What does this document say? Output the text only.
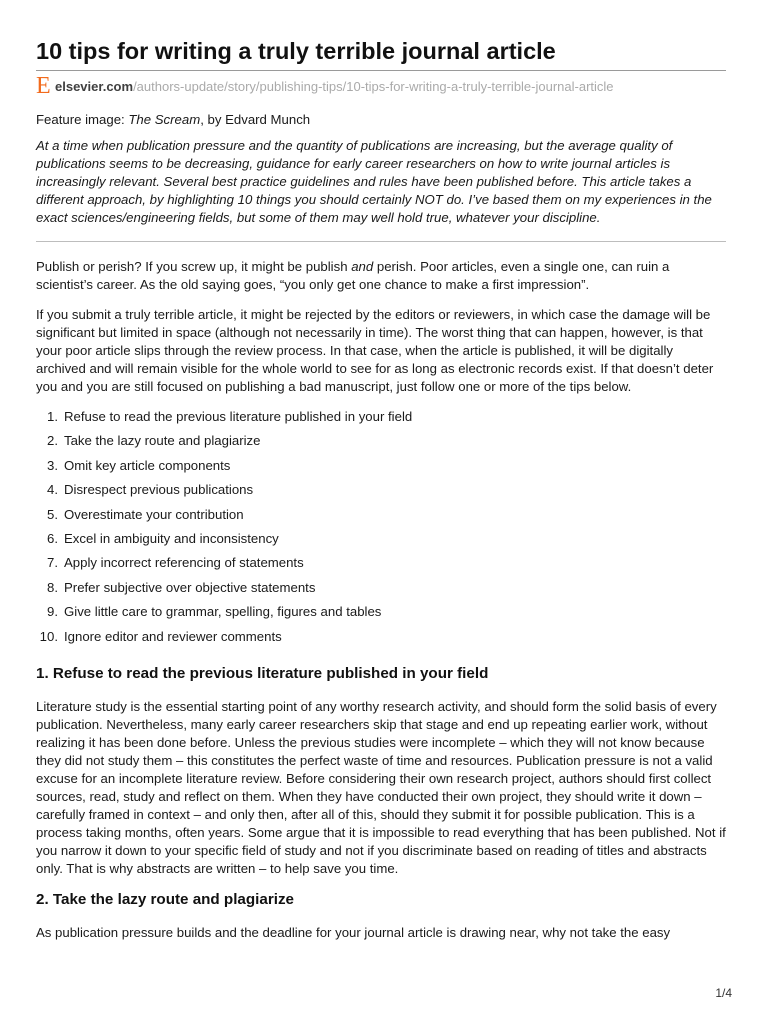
10 tips for writing a truly terrible journal article
E elsevier.com/authors-update/story/publishing-tips/10-tips-for-writing-a-truly-terrible-journal-article

Feature image: The Scream, by Edvard Munch

At a time when publication pressure and the quantity of publications are increasing, but the average quality of publications seems to be decreasing, guidance for early career researchers on how to write journal articles is increasingly relevant. Several best practice guidelines and rules have been published before. This article takes a different approach, by highlighting 10 things you should certainly NOT do. I’ve based them on my experiences in the exact sciences/engineering fields, but some of them may well hold true, whatever your discipline.

Publish or perish? If you screw up, it might be publish and perish. Poor articles, even a single one, can ruin a scientist’s career. As the old saying goes, “you only get one chance to make a first impression”.

If you submit a truly terrible article, it might be rejected by the editors or reviewers, in which case the damage will be significant but limited in space (although not necessarily in time). The worst thing that can happen, however, is that your poor article slips through the review process. In that case, when the article is published, it will be digitally archived and will remain visible for the whole world to see for as long as electronic records exist. If that doesn’t deter you and you are still focused on publishing a bad manuscript, just follow one or more of the tips below.

1. Refuse to read the previous literature published in your field
2. Take the lazy route and plagiarize
3. Omit key article components
4. Disrespect previous publications
5. Overestimate your contribution
6. Excel in ambiguity and inconsistency
7. Apply incorrect referencing of statements
8. Prefer subjective over objective statements
9. Give little care to grammar, spelling, figures and tables
10. Ignore editor and reviewer comments
1. Refuse to read the previous literature published in your field

Literature study is the essential starting point of any worthy research activity, and should form the solid basis of every publication. Nevertheless, many early career researchers skip that stage and end up repeating earlier work, without realizing it has been done before. Unless the previous studies were incomplete – which they will not know because they did not study them – this constitutes the perfect waste of time and resources. Publication pressure is not a valid excuse for an incomplete literature review. Before considering their own research project, authors should first collect sources, read, study and reflect on them. When they have conducted their own project, they should write it down – carefully framed in context – and only then, after all of this, should they submit it for possible publication. This is a process taking months, often years. Some argue that it is impossible to read everything that has been published. Not if you narrow it down to your specific field of study and not if you discriminate based on reading of titles and abstracts only. That is why abstracts are written – to help save you time.

2. Take the lazy route and plagiarize

As publication pressure builds and the deadline for your journal article is drawing near, why not take the easy

1/4
